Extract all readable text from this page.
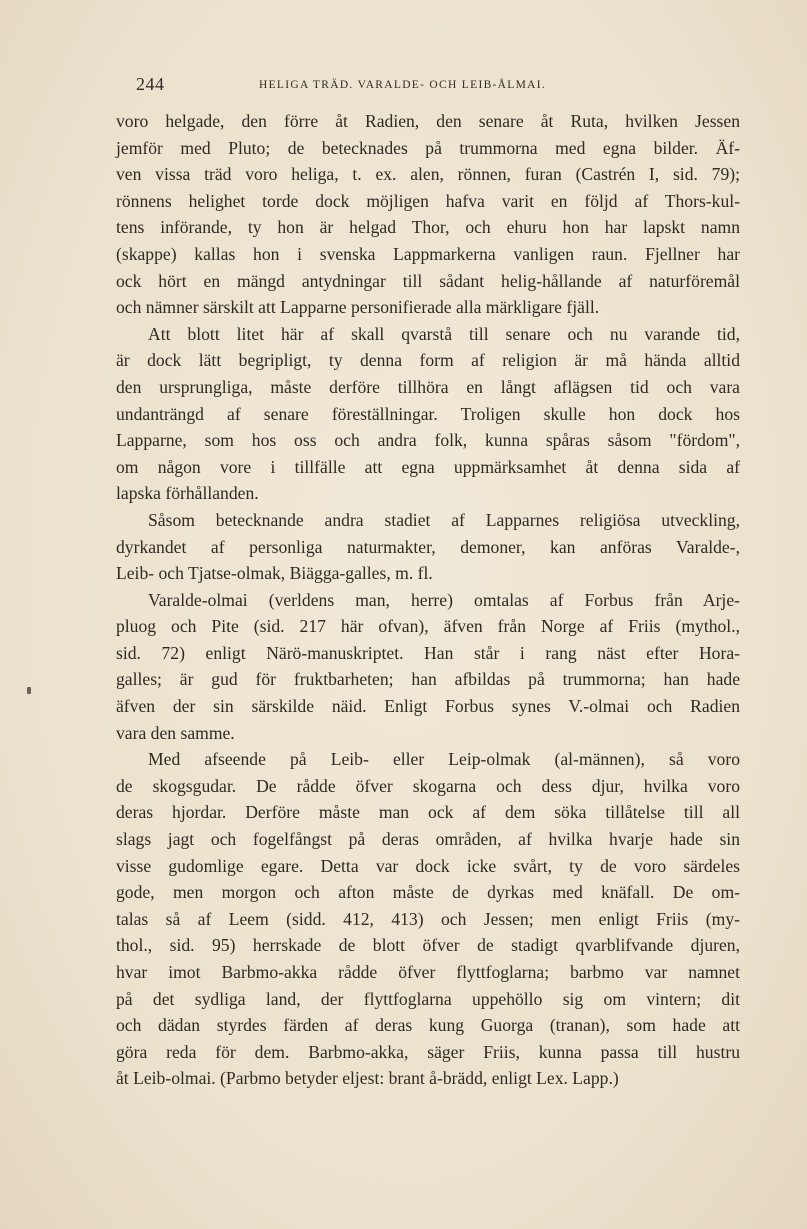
244	HELIGA TRÄD. VARALDE- OCH LEIB-ÅLMAI.
voro helgade, den förre åt Radien, den senare åt Ruta, hvilken Jessen
jemför med Pluto; de betecknades på trummorna med egna bilder. Äf-
ven vissa träd voro heliga, t. ex. alen, rönnen, furan (Castrén I, sid. 79);
rönnens helighet torde dock möjligen hafva varit en följd af Thors-kul-
tens införande, ty hon är helgad Thor, och ehuru hon har lapskt namn
(skappe) kallas hon i svenska Lappmarkerna vanligen raun. Fjellner har
ock hört en mängd antydningar till sådant helig-hållande af naturföremål
och nämner särskilt att Lapparne personifierade alla märkligare fjäll.
Att blott litet här af skall qvarstå till senare och nu varande tid,
är dock lätt begripligt, ty denna form af religion är må hända alltid
den ursprungliga, måste derföre tillhöra en långt aflägsen tid och vara
undanträngd af senare föreställningar. Troligen skulle hon dock hos
Lapparne, som hos oss och andra folk, kunna spåras såsom "fördom",
om någon vore i tillfälle att egna uppmärksamhet åt denna sida af
lapska förhållanden.
Såsom betecknande andra stadiet af Lapparnes religiösa utveckling,
dyrkandet af personliga naturmakter, demoner, kan anföras Varalde-,
Leib- och Tjatse-olmak, Biägga-galles, m. fl.
Varalde-olmai (verldens man, herre) omtalas af Forbus från Arje-
pluog och Pite (sid. 217 här ofvan), äfven från Norge af Friis (mythol.,
sid. 72) enligt Närö-manuskriptet. Han står i rang näst efter Hora-
galles; är gud för fruktbarheten; han afbildas på trummorna; han hade
äfven der sin särskilde näid. Enligt Forbus synes V.-olmai och Radien
vara den samme.
Med afseende på Leib- eller Leip-olmak (al-männen), så voro
de skogsgudar. De rådde öfver skogarna och dess djur, hvilka voro
deras hjordar. Derföre måste man ock af dem söka tillåtelse till all
slags jagt och fogelfångst på deras områden, af hvilka hvarje hade sin
visse gudomlige egare. Detta var dock icke svårt, ty de voro särdeles
gode, men morgon och afton måste de dyrkas med knäfall. De om-
talas så af Leem (sidd. 412, 413) och Jessen; men enligt Friis (my-
thol., sid. 95) herrskade de blott öfver de stadigt qvarblifvande djuren,
hvar imot Barbmo-akka rådde öfver flyttfoglarna; barbmo var namnet
på det sydliga land, der flyttfoglarna uppehöllo sig om vintern; dit
och dädan styrdes färden af deras kung Guorga (tranan), som hade att
göra reda för dem. Barbmo-akka, säger Friis, kunna passa till hustru
åt Leib-olmai. (Parbmo betyder eljest: brant å-brädd, enligt Lex. Lapp.)
